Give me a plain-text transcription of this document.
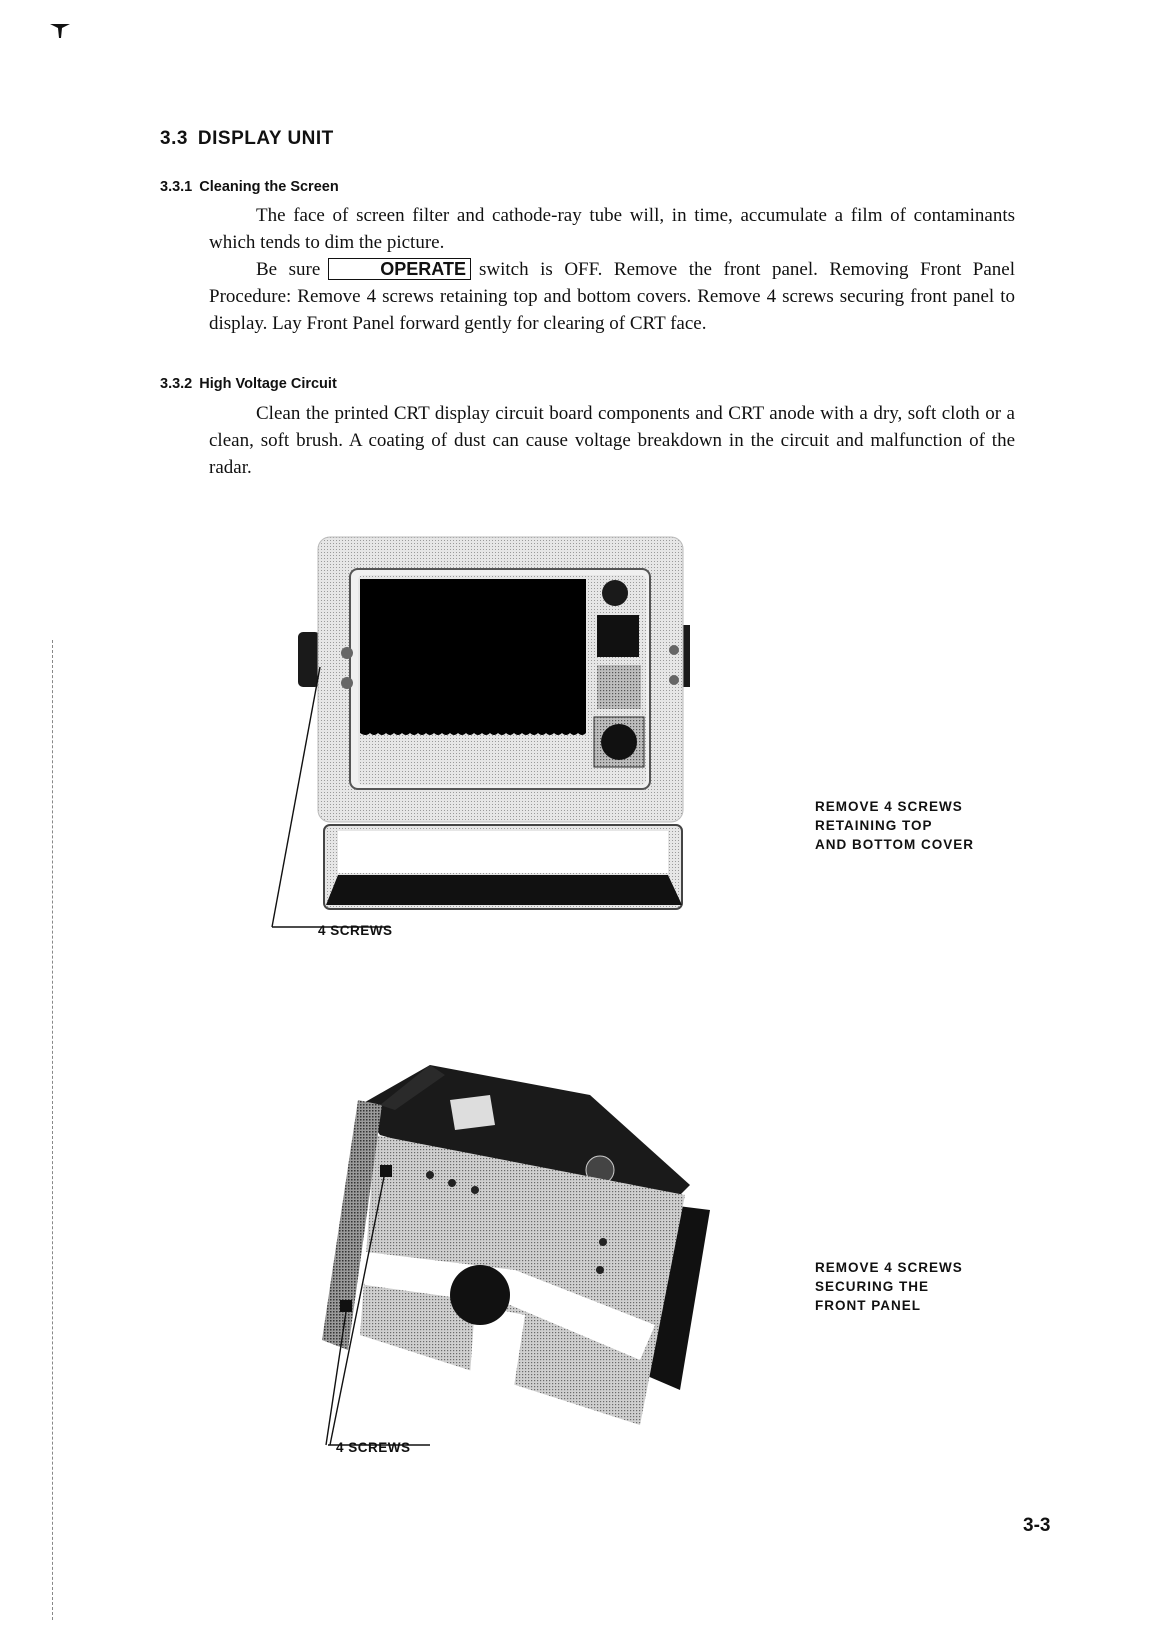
3.3 DISPLAY UNIT
3.3.1 Cleaning the Screen

The face of screen filter and cathode-ray tube will, in time, accumulate a film of contaminants which tends to dim the picture.

Be sure	OPERATE switch is OFF. Remove the front panel. Removing Front Panel Procedure: Remove 4 screws retaining top and bottom covers. Remove 4 screws securing front panel to display. Lay Front Panel forward gently for clearing of CRT face.

3.3.2 High Voltage Circuit

Clean the printed CRT display circuit board components and CRT anode with a dry, soft cloth or a clean, soft brush. A coating of dust can cause voltage breakdown in the circuit and malfunction of the radar.

4 SCREWS
REMOVE 4 SCREWS
RETAINING TOP
AND BOTTOM COVER
4 SCREWS
REMOVE 4 SCREWS
SECURING THE
FRONT PANEL
3-3
